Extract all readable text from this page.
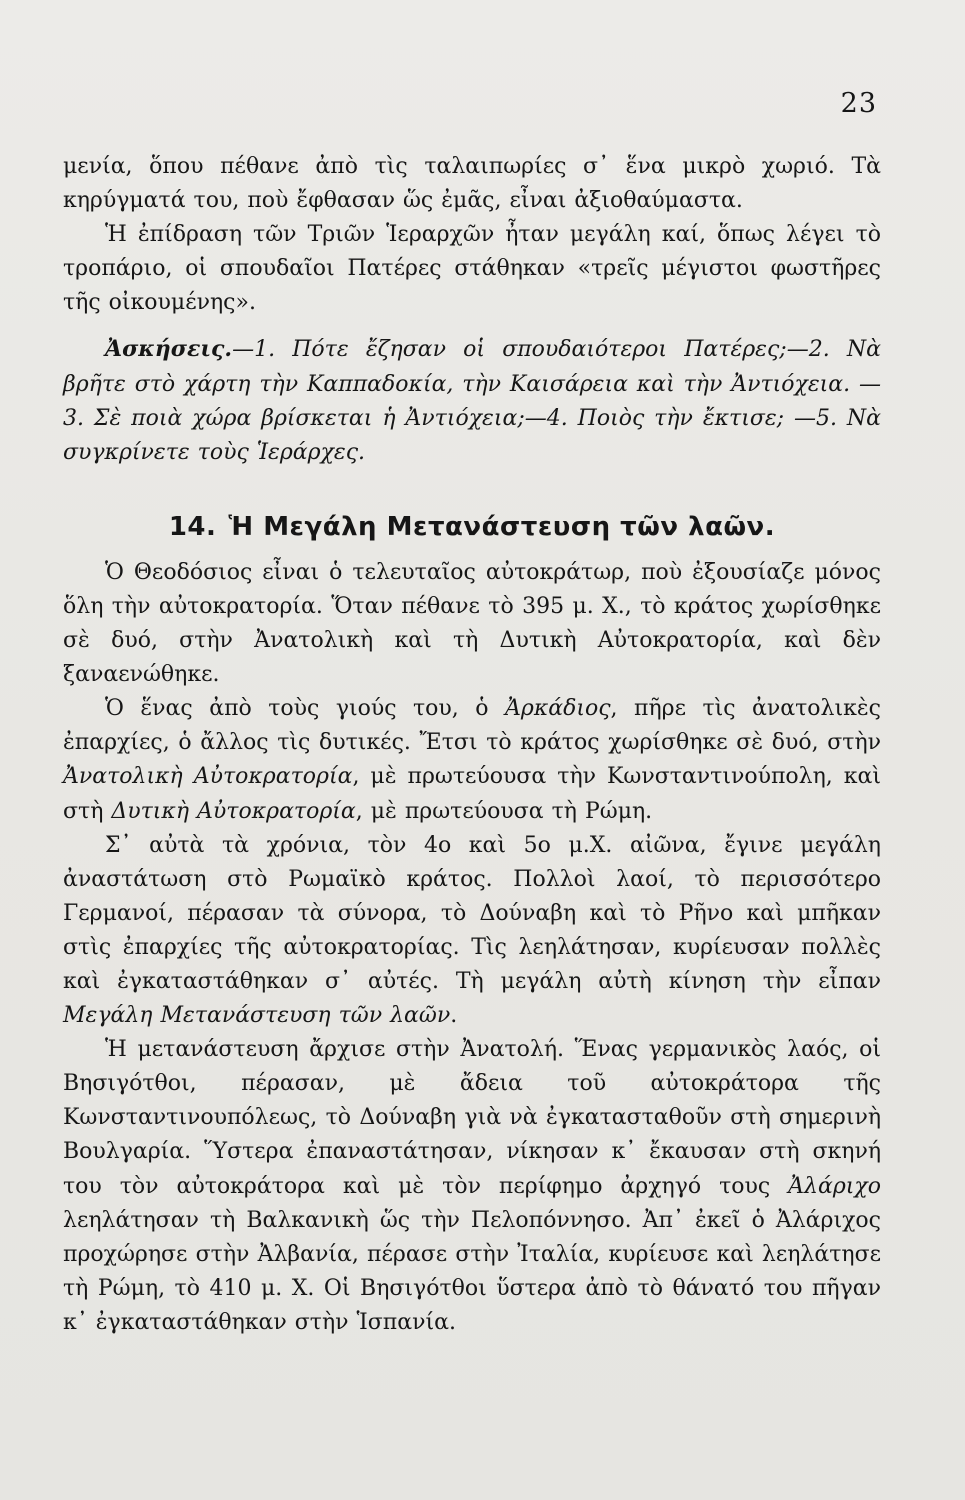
23

μενία, ὅπου πέθανε ἀπὸ τὶς ταλαιπωρίες σ᾿ ἕνα μικρὸ χωριό. Τὰ κηρύγματά του, ποὺ ἔφθασαν ὥς ἐμᾶς, εἶναι ἀξιοθαύμαστα.

Ἡ ἐπίδραση τῶν Τριῶν Ἱεραρχῶν ἦταν μεγάλη καί, ὅπως λέγει τὸ τροπάριο, οἱ σπουδαῖοι Πατέρες στάθηκαν «τρεῖς μέγιστοι φωστῆρες τῆς οἰκουμένης».

Ἀσκήσεις.—1. Πότε ἔζησαν οἱ σπουδαιότεροι Πατέρες;—2. Νὰ βρῆτε στὸ χάρτη τὴν Καππαδοκία, τὴν Καισάρεια καὶ τὴν Ἀντιόχεια. —3. Σὲ ποιὰ χώρα βρίσκεται ἡ Ἀντιόχεια;—4. Ποιὸς τὴν ἔκτισε; —5. Νὰ συγκρίνετε τοὺς Ἱεράρχες.

14. Ἡ Μεγάλη Μετανάστευση τῶν λαῶν.

Ὁ Θεοδόσιος εἶναι ὁ τελευταῖος αὐτοκράτωρ, ποὺ ἐξουσίαζε μόνος ὅλη τὴν αὐτοκρατορία. Ὅταν πέθανε τὸ 395 μ. Χ., τὸ κράτος χωρίσθηκε σὲ δυό, στὴν Ἀνατολικὴ καὶ τὴ Δυτικὴ Αὐτοκρατορία, καὶ δὲν ξαναενώθηκε.

Ὁ ἕνας ἀπὸ τοὺς γιούς του, ὁ Ἀρκάδιος, πῆρε τὶς ἀνατολικὲς ἐπαρχίες, ὁ ἄλλος τὶς δυτικές. Ἔτσι τὸ κράτος χωρίσθηκε σὲ δυό, στὴν Ἀνατολικὴ Αὐτοκρατορία, μὲ πρωτεύουσα τὴν Κωνσταντινούπολη, καὶ στὴ Δυτικὴ Αὐτοκρατορία, μὲ πρωτεύουσα τὴ Ρώμη.

Σ᾿ αὐτὰ τὰ χρόνια, τὸν 4ο καὶ 5ο μ.Χ. αἰῶνα, ἔγινε μεγάλη ἀναστάτωση στὸ Ρωμαϊκὸ κράτος. Πολλοὶ λαοί, τὸ περισσότερο Γερμανοί, πέρασαν τὰ σύνορα, τὸ Δούναβη καὶ τὸ Ρῆνο καὶ μπῆκαν στὶς ἐπαρχίες τῆς αὐτοκρατορίας. Τὶς λεηλάτησαν, κυρίευσαν πολλὲς καὶ ἐγκαταστάθηκαν σ᾿ αὐτές. Τὴ μεγάλη αὐτὴ κίνηση τὴν εἶπαν Μεγάλη Μετανάστευση τῶν λαῶν.

Ἡ μετανάστευση ἄρχισε στὴν Ἀνατολή. Ἕνας γερμανικὸς λαός, οἱ Βησιγότθοι, πέρασαν, μὲ ἄδεια τοῦ αὐτοκράτορα τῆς Κωνσταντινουπόλεως, τὸ Δούναβη γιὰ νὰ ἐγκατασταθοῦν στὴ σημερινὴ Βουλγαρία. Ὕστερα ἐπαναστάτησαν, νίκησαν κ᾿ ἔκαυσαν στὴ σκηνή του τὸν αὐτοκράτορα καὶ μὲ τὸν περίφημο ἀρχηγό τους Ἀλάριχο λεηλάτησαν τὴ Βαλκανικὴ ὥς τὴν Πελοπόννησο. Ἀπ᾿ ἐκεῖ ὁ Ἀλάριχος προχώρησε στὴν Ἀλβανία, πέρασε στὴν Ἰταλία, κυρίευσε καὶ λεηλάτησε τὴ Ρώμη, τὸ 410 μ. Χ. Οἱ Βησιγότθοι ὕστερα ἀπὸ τὸ θάνατό του πῆγαν κ᾿ ἐγκαταστάθηκαν στὴν Ἱσπανία.
